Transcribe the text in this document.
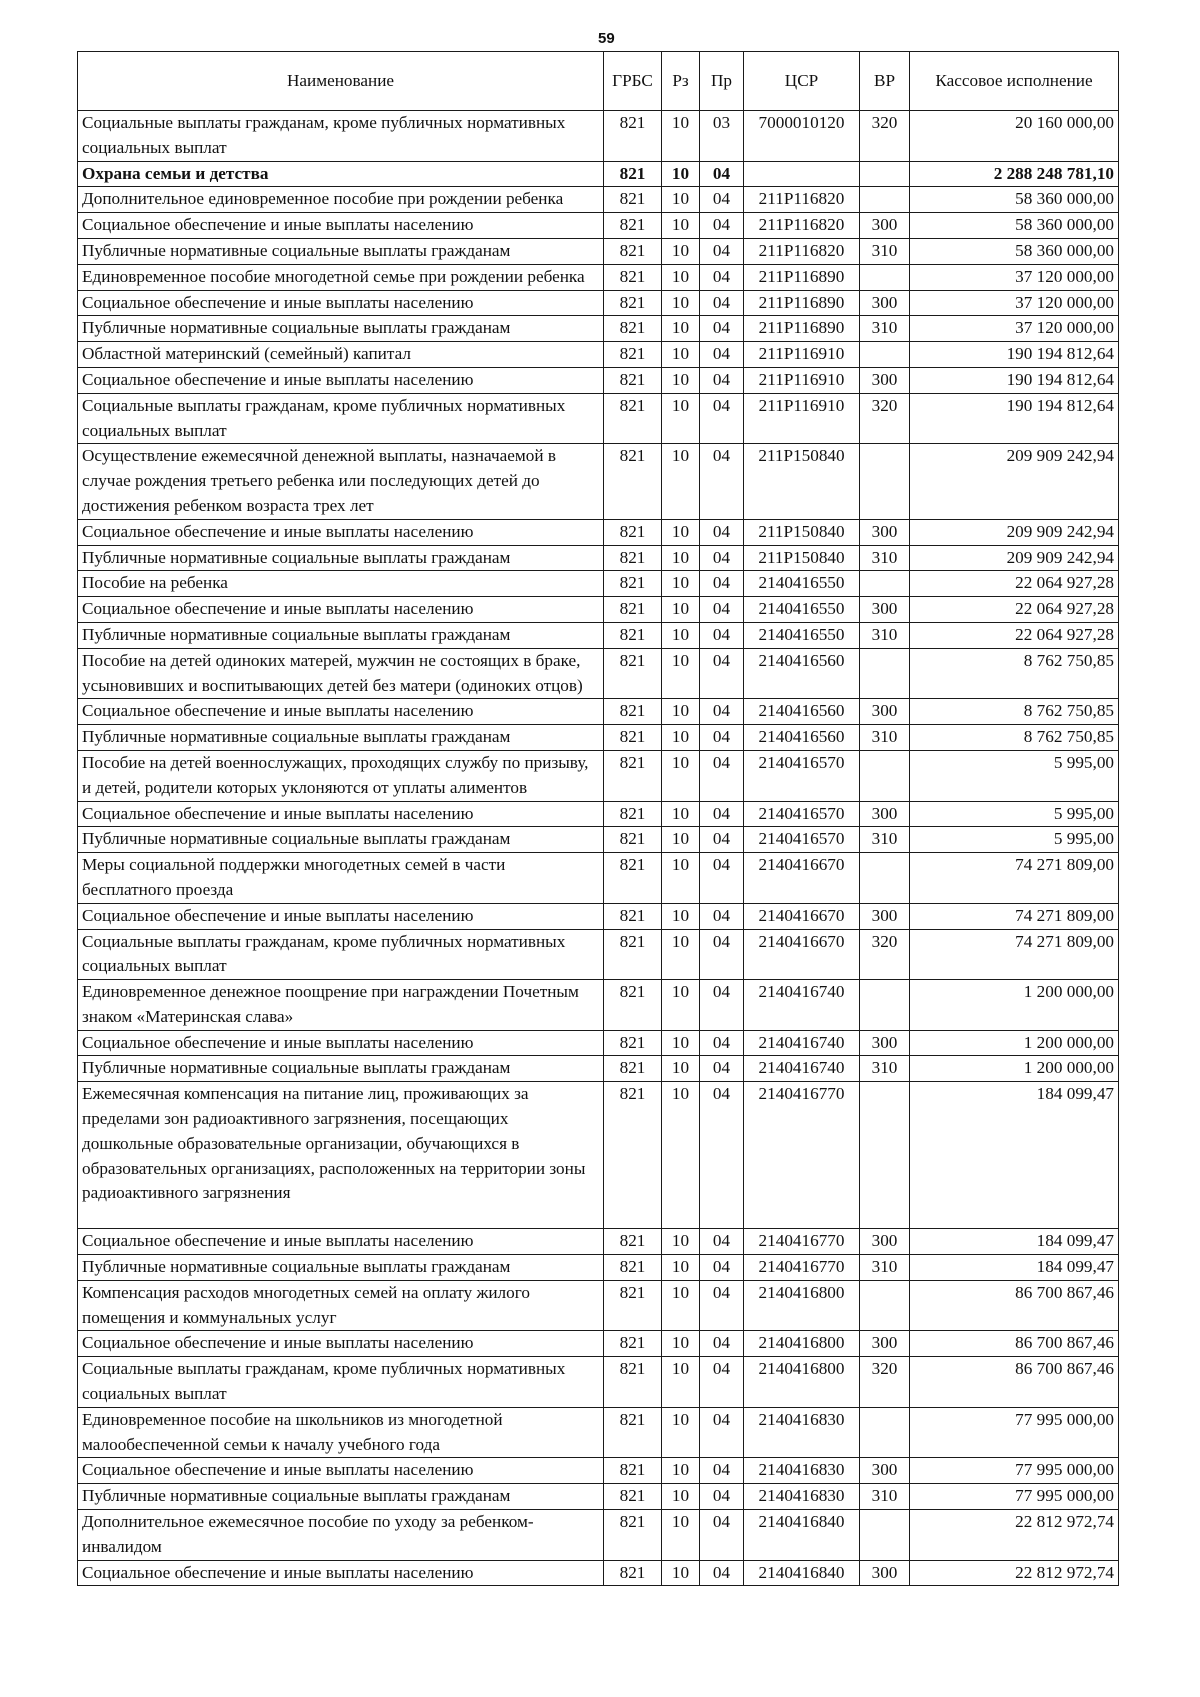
59
Наименование	ГРБС	Рз	Пр	ЦСР	ВР	Кассовое исполнение
Социальные выплаты гражданам, кроме публичных нормативных социальных выплат	821	10	03	7000010120	320	20 160 000,00
Охрана семьи и детства	821	10	04			2 288 248 781,10
Дополнительное единовременное пособие при рождении ребенка	821	10	04	211P116820		58 360 000,00
Социальное обеспечение и иные выплаты населению	821	10	04	211P116820	300	58 360 000,00
Публичные нормативные социальные выплаты гражданам	821	10	04	211P116820	310	58 360 000,00
Единовременное пособие многодетной семье при рождении ребенка	821	10	04	211P116890		37 120 000,00
Социальное обеспечение и иные выплаты населению	821	10	04	211P116890	300	37 120 000,00
Публичные нормативные социальные выплаты гражданам	821	10	04	211P116890	310	37 120 000,00
Областной материнский (семейный) капитал	821	10	04	211P116910		190 194 812,64
Социальное обеспечение и иные выплаты населению	821	10	04	211P116910	300	190 194 812,64
Социальные выплаты гражданам, кроме публичных нормативных социальных выплат	821	10	04	211P116910	320	190 194 812,64
Осуществление ежемесячной денежной выплаты, назначаемой в случае рождения третьего ребенка или последующих детей до достижения ребенком возраста трех лет	821	10	04	211P150840		209 909 242,94
Социальное обеспечение и иные выплаты населению	821	10	04	211P150840	300	209 909 242,94
Публичные нормативные социальные выплаты гражданам	821	10	04	211P150840	310	209 909 242,94
Пособие на ребенка	821	10	04	2140416550		22 064 927,28
Социальное обеспечение и иные выплаты населению	821	10	04	2140416550	300	22 064 927,28
Публичные нормативные социальные выплаты гражданам	821	10	04	2140416550	310	22 064 927,28
Пособие на детей одиноких матерей, мужчин не состоящих в браке, усыновивших и воспитывающих детей без матери (одиноких отцов)	821	10	04	2140416560		8 762 750,85
Социальное обеспечение и иные выплаты населению	821	10	04	2140416560	300	8 762 750,85
Публичные нормативные социальные выплаты гражданам	821	10	04	2140416560	310	8 762 750,85
Пособие на детей военнослужащих, проходящих службу по призыву, и детей, родители которых уклоняются от уплаты алиментов	821	10	04	2140416570		5 995,00
Социальное обеспечение и иные выплаты населению	821	10	04	2140416570	300	5 995,00
Публичные нормативные социальные выплаты гражданам	821	10	04	2140416570	310	5 995,00
Меры социальной поддержки многодетных семей в части бесплатного проезда	821	10	04	2140416670		74 271 809,00
Социальное обеспечение и иные выплаты населению	821	10	04	2140416670	300	74 271 809,00
Социальные выплаты гражданам, кроме публичных нормативных социальных выплат	821	10	04	2140416670	320	74 271 809,00
Единовременное денежное поощрение при награждении Почетным знаком «Материнская слава»	821	10	04	2140416740		1 200 000,00
Социальное обеспечение и иные выплаты населению	821	10	04	2140416740	300	1 200 000,00
Публичные нормативные социальные выплаты гражданам	821	10	04	2140416740	310	1 200 000,00
Ежемесячная компенсация на питание лиц, проживающих за пределами зон радиоактивного загрязнения, посещающих дошкольные образовательные организации, обучающихся в образовательных организациях, расположенных на территории зоны радиоактивного загрязнения	821	10	04	2140416770		184 099,47
Социальное обеспечение и иные выплаты населению	821	10	04	2140416770	300	184 099,47
Публичные нормативные социальные выплаты гражданам	821	10	04	2140416770	310	184 099,47
Компенсация расходов многодетных семей на оплату жилого помещения и коммунальных услуг	821	10	04	2140416800		86 700 867,46
Социальное обеспечение и иные выплаты населению	821	10	04	2140416800	300	86 700 867,46
Социальные выплаты гражданам, кроме публичных нормативных социальных выплат	821	10	04	2140416800	320	86 700 867,46
Единовременное пособие на школьников из многодетной малообеспеченной семьи к началу учебного года	821	10	04	2140416830		77 995 000,00
Социальное обеспечение и иные выплаты населению	821	10	04	2140416830	300	77 995 000,00
Публичные нормативные социальные выплаты гражданам	821	10	04	2140416830	310	77 995 000,00
Дополнительное ежемесячное пособие по уходу за ребенком-инвалидом	821	10	04	2140416840		22 812 972,74
Социальное обеспечение и иные выплаты населению	821	10	04	2140416840	300	22 812 972,74
